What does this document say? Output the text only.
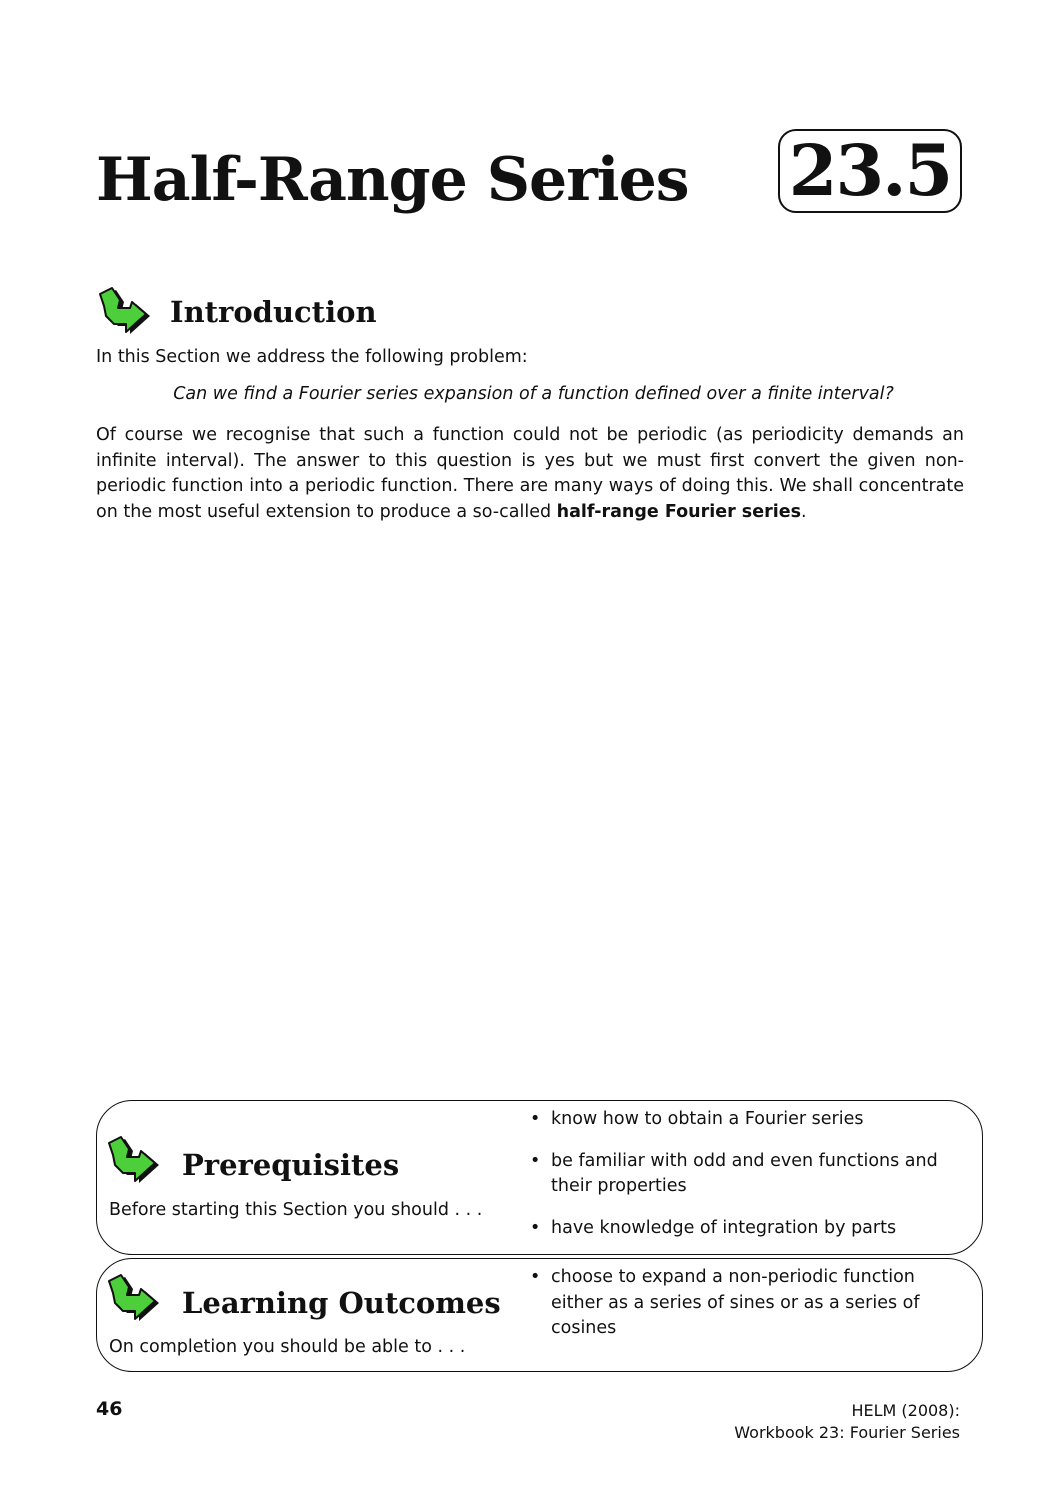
Half-Range Series 23.5
Introduction

In this Section we address the following problem:

Can we find a Fourier series expansion of a function defined over a finite interval?

Of course we recognise that such a function could not be periodic (as periodicity demands an infinite interval). The answer to this question is yes but we must first convert the given non-periodic function into a periodic function. There are many ways of doing this. We shall concentrate on the most useful extension to produce a so-called half-range Fourier series.

Prerequisites

Before starting this Section you should . . .

• know how to obtain a Fourier series
• be familiar with odd and even functions and their properties
• have knowledge of integration by parts
Learning Outcomes

On completion you should be able to . . .

• choose to expand a non-periodic function either as a series of sines or as a series of cosines

46	HELM (2008):
Workbook 23: Fourier Series
